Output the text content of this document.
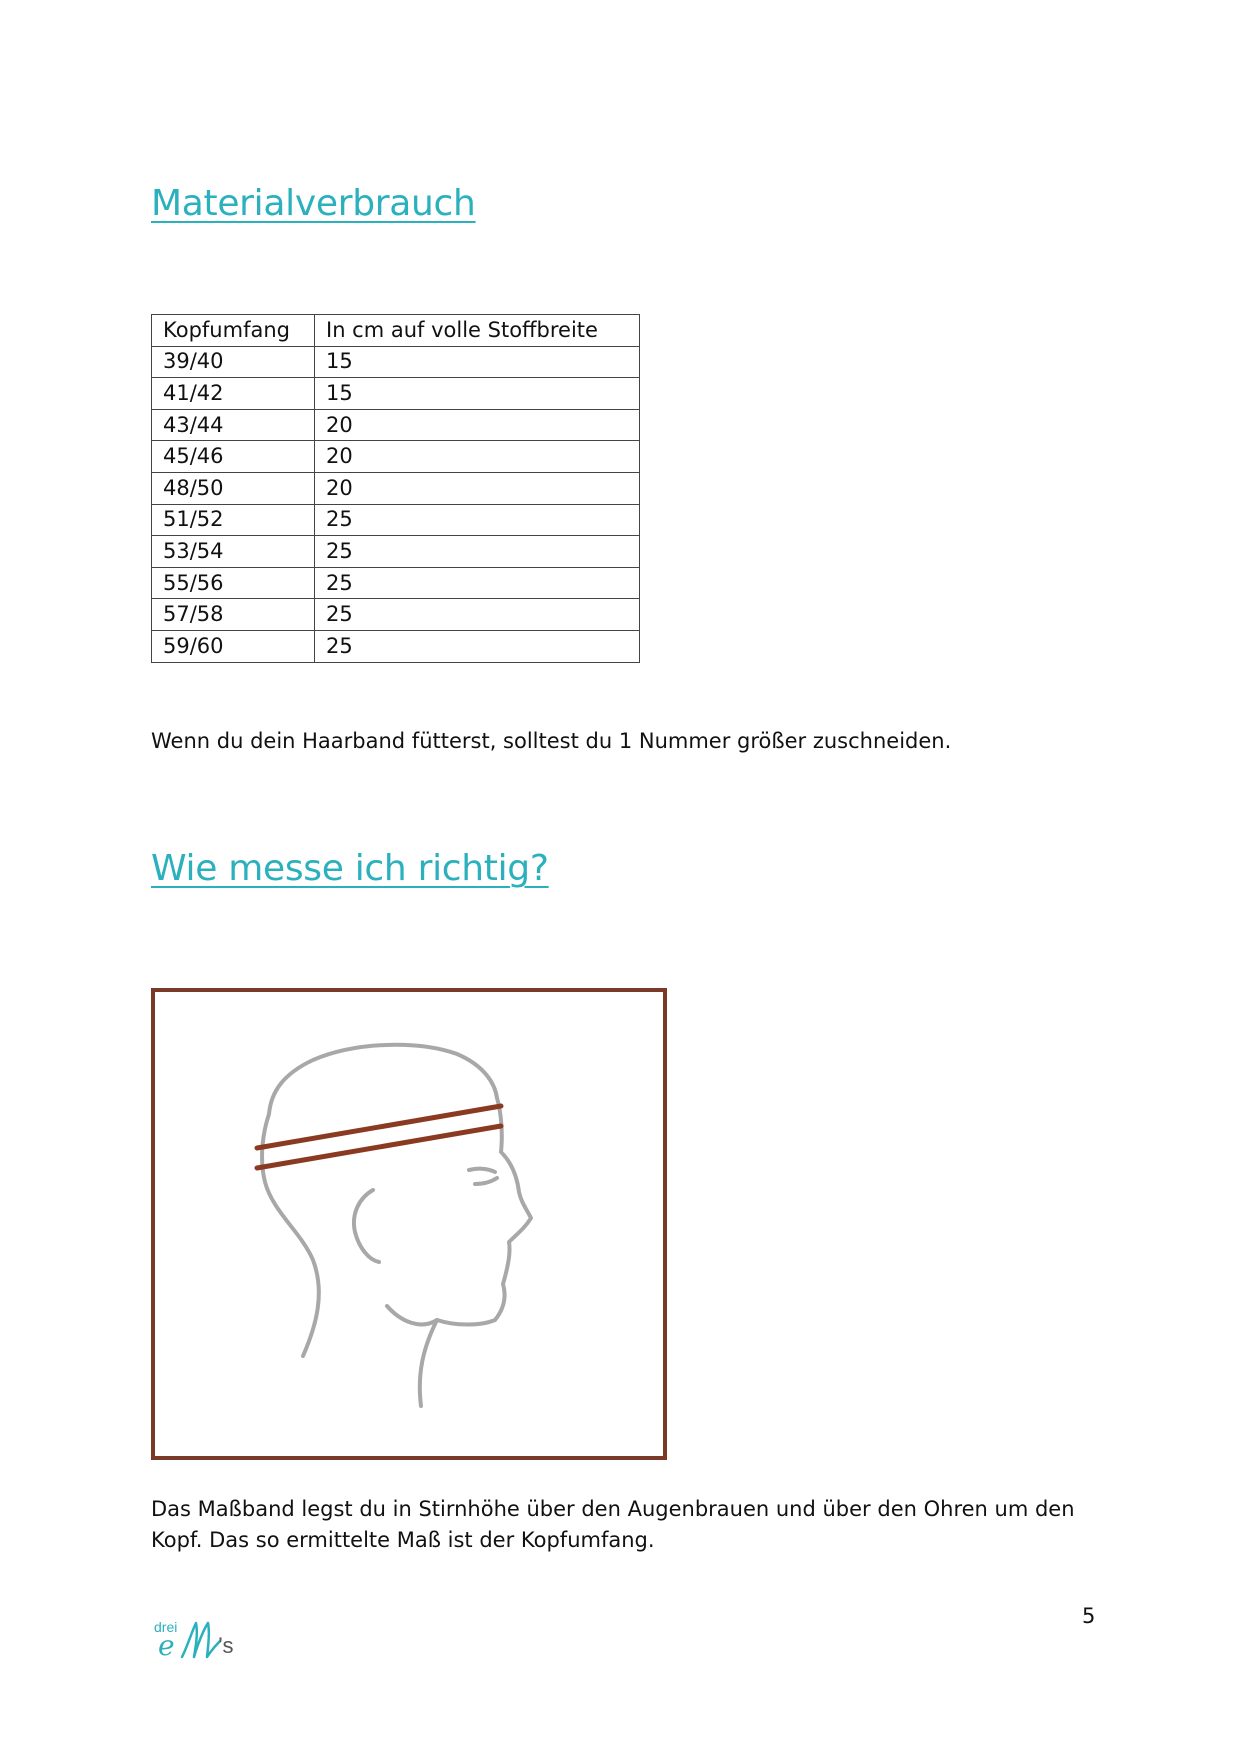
Materialverbrauch
Kopfumfang	In cm auf volle Stoffbreite
39/40	15
41/42	15
43/44	20
45/46	20
48/50	20
51/52	25
53/54	25
55/56	25
57/58	25
59/60	25

Wenn du dein Haarband fütterst, solltest du 1 Nummer größer zuschneiden.

Wie messe ich richtig?

Das Maßband legst du in Stirnhöhe über den Augenbrauen und über den Ohren um den Kopf. Das so ermittelte Maß ist der Kopfumfang.

5
drei
e ’s
